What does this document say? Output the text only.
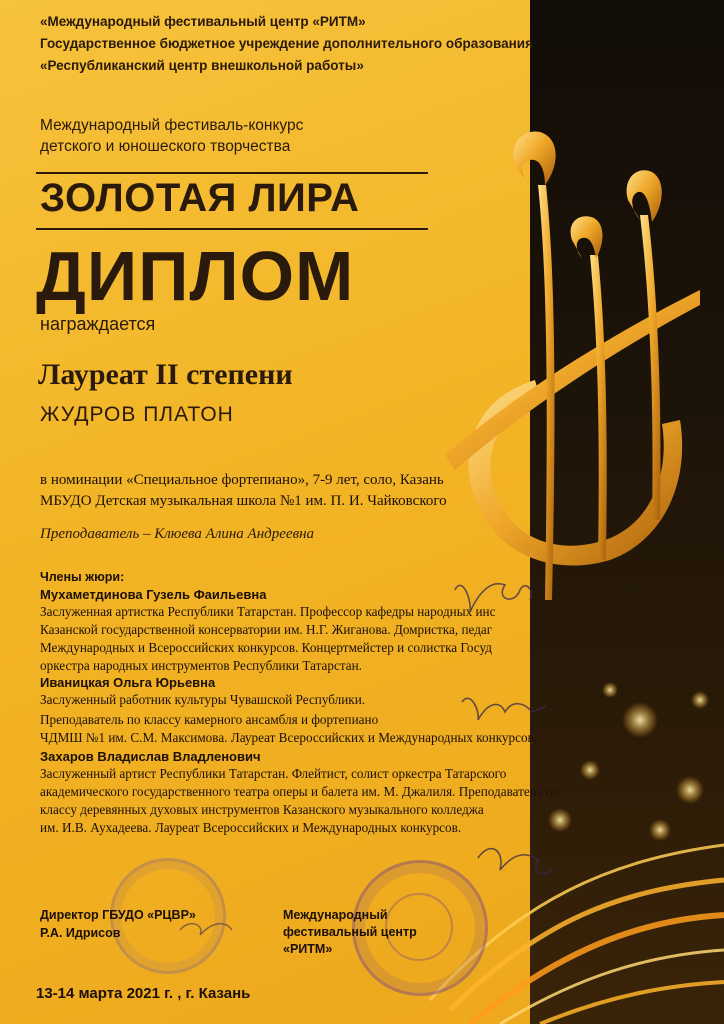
«Международный фестивальный центр «РИТМ»
Государственное бюджетное учреждение дополнительного образования
«Республиканский центр внешкольной работы»
Международный фестиваль-конкурс
детского и юношеского творчества
ЗОЛОТАЯ ЛИРА
ДИПЛОМ
награждается
Лауреат II степени
ЖУДРОВ ПЛАТОН
в номинации «Специальное фортепиано», 7-9 лет, соло, Казань
МБУДО Детская музыкальная школа №1 им. П. И. Чайковского
Преподаватель – Клюева Алина Андреевна
Члены жюри:
Мухаметдинова Гузель Фаильевна
Заслуженная артистка Республики Татарстан. Профессор кафедры народных инс
Казанской государственной консерватории им. Н.Г. Жиганова. Домристка, педаг
Международных и Всероссийских конкурсов. Концертмейстер и солистка Госуд
оркестра народных инструментов Республики Татарстан.
Иваницкая Ольга Юрьевна
Заслуженный работник культуры Чувашской Республики.
Преподаватель по классу камерного ансамбля и фортепиано
ЧДМШ №1 им. С.М. Максимова. Лауреат Всероссийских и Международных конкурсов.
Захаров Владислав Владленович
Заслуженный артист Республики Татарстан. Флейтист, солист оркестра Татарского
академического государственного театра оперы и балета им. М. Джалиля. Преподаватель по
классу деревянных духовых инструментов Казанского музыкального колледжа
им. И.В. Аухадеева. Лауреат Всероссийских и Международных конкурсов.
Директор ГБУДО «РЦВР»
Р.А. Идрисов
Международный
фестивальный центр
«РИТМ»
13-14 марта 2021 г. , г. Казань
